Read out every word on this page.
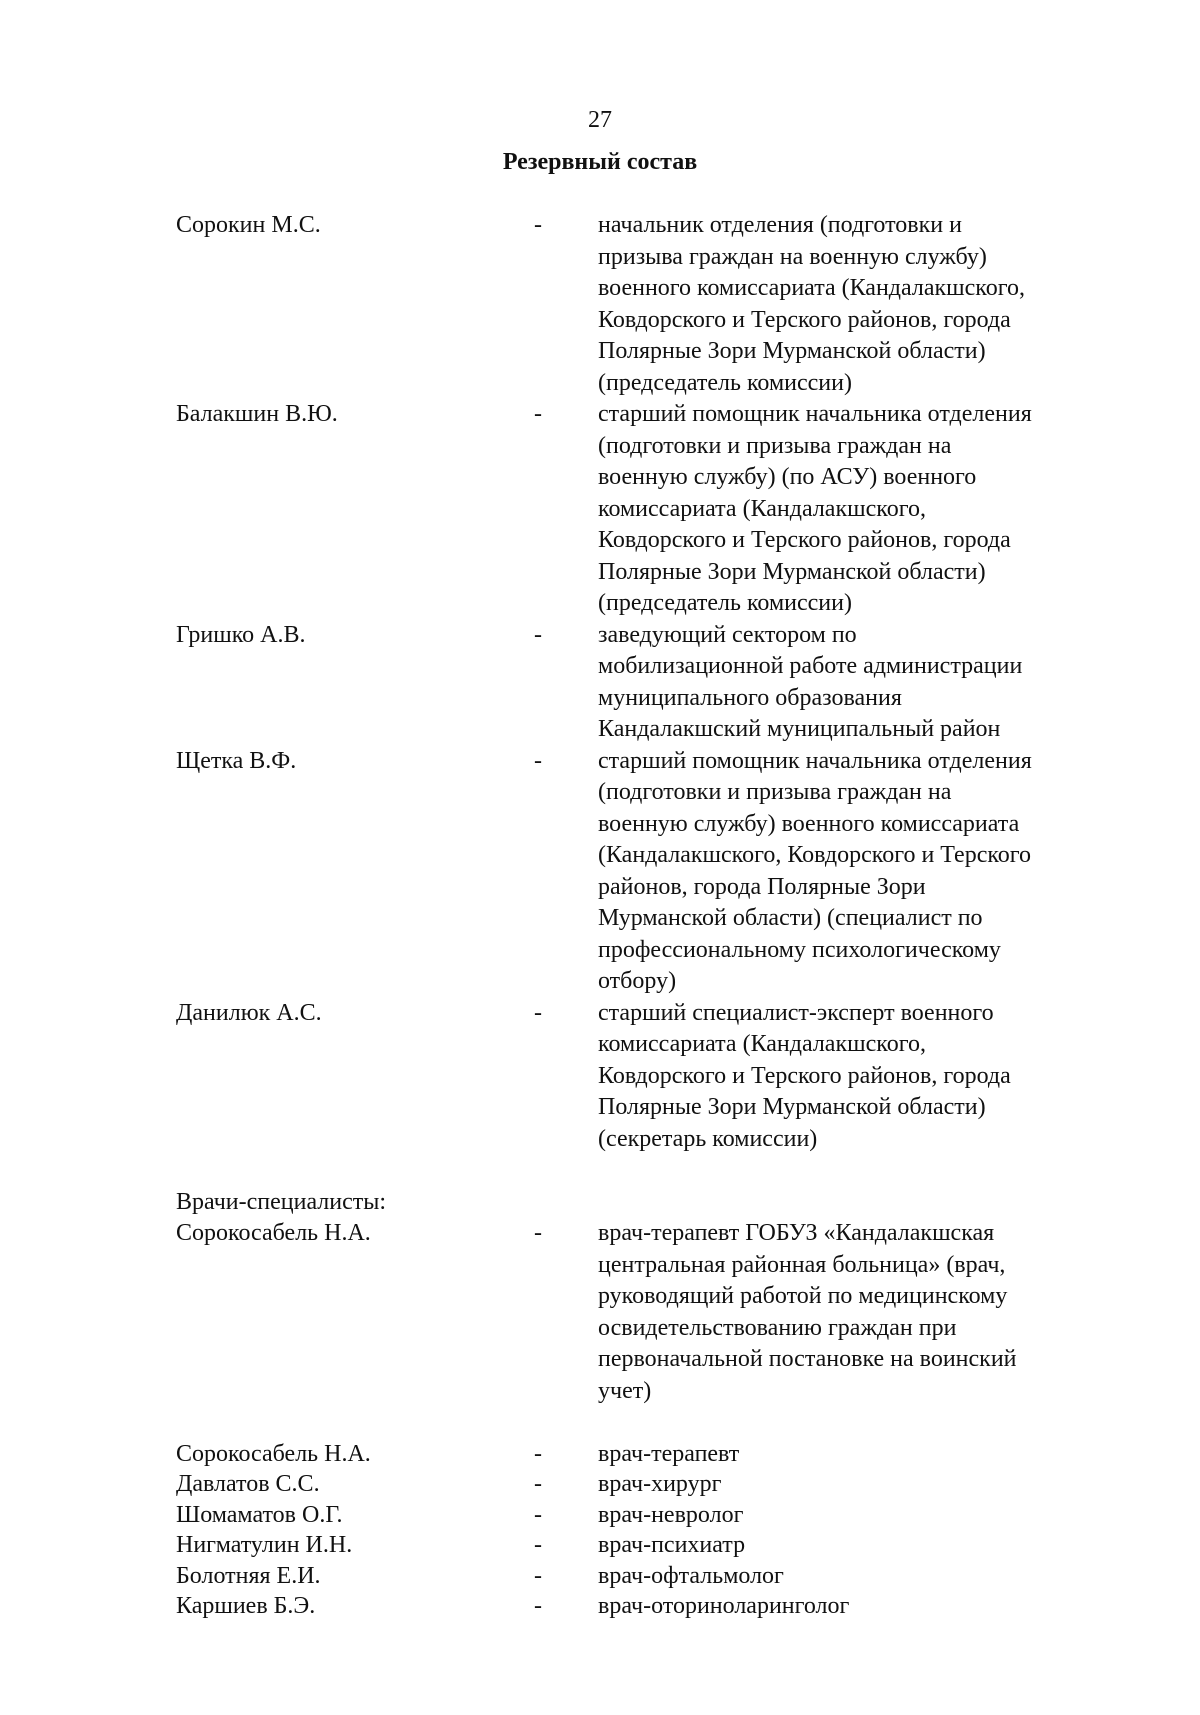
27
Резервный состав
Сорокин М.С.	- начальник отделения (подготовки и
призыва граждан на военную службу)
военного комиссариата (Кандалакшского,
Ковдорского и Терского районов, города
Полярные Зори Мурманской области)
(председатель комиссии)
Балакшин В.Ю.	- старший помощник начальника отделения
(подготовки и призыва граждан на
военную службу) (по АСУ) военного
комиссариата (Кандалакшского,
Ковдорского и Терского районов, города
Полярные Зори Мурманской области)
(председатель комиссии)
Гришко А.В.	- заведующий сектором по
мобилизационной работе администрации
муниципального образования
Кандалакшский муниципальный район
Щетка В.Ф.	- старший помощник начальника отделения
(подготовки и призыва граждан на
военную службу) военного комиссариата
(Кандалакшского, Ковдорского и Терского
районов, города Полярные Зори
Мурманской области) (специалист по
профессиональному психологическому
отбору)
Данилюк А.С.	- старший специалист-эксперт военного
комиссариата (Кандалакшского,
Ковдорского и Терского районов, города
Полярные Зори Мурманской области)
(секретарь комиссии)
Врачи-специалисты:
Сорокосабель Н.А.	- врач-терапевт ГОБУЗ «Кандалакшская
центральная районная больница» (врач,
руководящий работой по медицинскому
освидетельствованию граждан при
первоначальной постановке на воинский
учет)
Сорокосабель Н.А.	- врач-терапевт
Давлатов С.С.	- врач-хирург
Шомаматов О.Г.	- врач-невролог
Нигматулин И.Н.	- врач-психиатр
Болотняя Е.И.	- врач-офтальмолог
Каршиев Б.Э.	- врач-оториноларинголог
